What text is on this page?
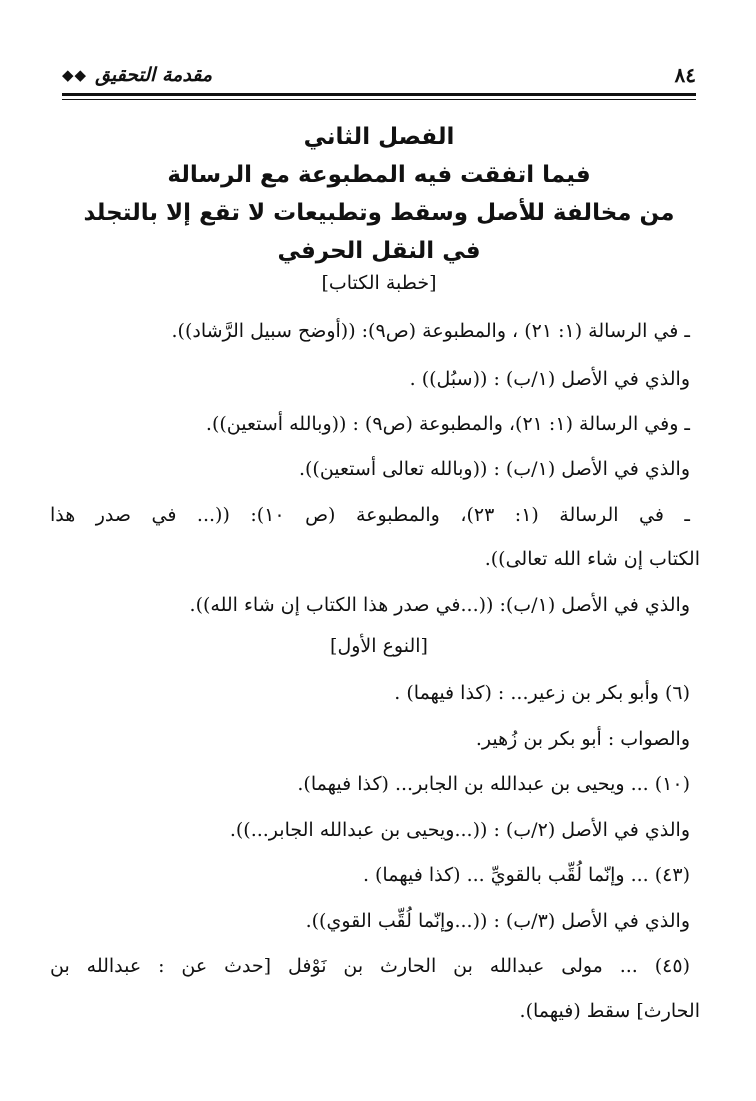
٨٤
مقدمة التحقيق
◆◆
الفصل الثاني
فيما اتفقت فيه المطبوعة مع الرسالة
من مخالفة للأصل وسقط وتطبيعات لا تقع إلا بالتجلد
في النقل الحرفي
[خطبة الكتاب]
ـ في الرسالة (١: ٢١) ، والمطبوعة (ص٩): ((أوضح سبيل الرَّشاد)).
والذي في الأصل (١/ب) : ((سبُل)) .
ـ وفي الرسالة (١: ٢١)، والمطبوعة (ص٩) : ((وبالله أستعين)).
والذي في الأصل (١/ب) : ((وبالله تعالى أستعين)).
ـ في الرسالة (١: ٢٣)، والمطبوعة (ص ١٠): ((... في صدر هذا
الكتاب إن شاء الله تعالى)).
والذي في الأصل (١/ب): ((...في صدر هذا الكتاب إن شاء الله)).
[النوع الأول]
(٦) وأبو بكر بن زعير... : (كذا فيهما) .
والصواب : أبو بكر بن زُهير.
(١٠) ... ويحيى بن عبدالله بن الجابر... (كذا فيهما).
والذي في الأصل (٢/ب) : ((...ويحيى بن عبدالله الجابر...)).
(٤٣) ... وإنّما لُقِّب بالقويِّ ... (كذا فيهما) .
والذي في الأصل (٣/ب) : ((...وإنّما لُقِّب القوي)).
(٤٥) ... مولى عبدالله بن الحارث بن نَوْفل [حدث عن : عبدالله بن
الحارث] سقط (فيهما).
